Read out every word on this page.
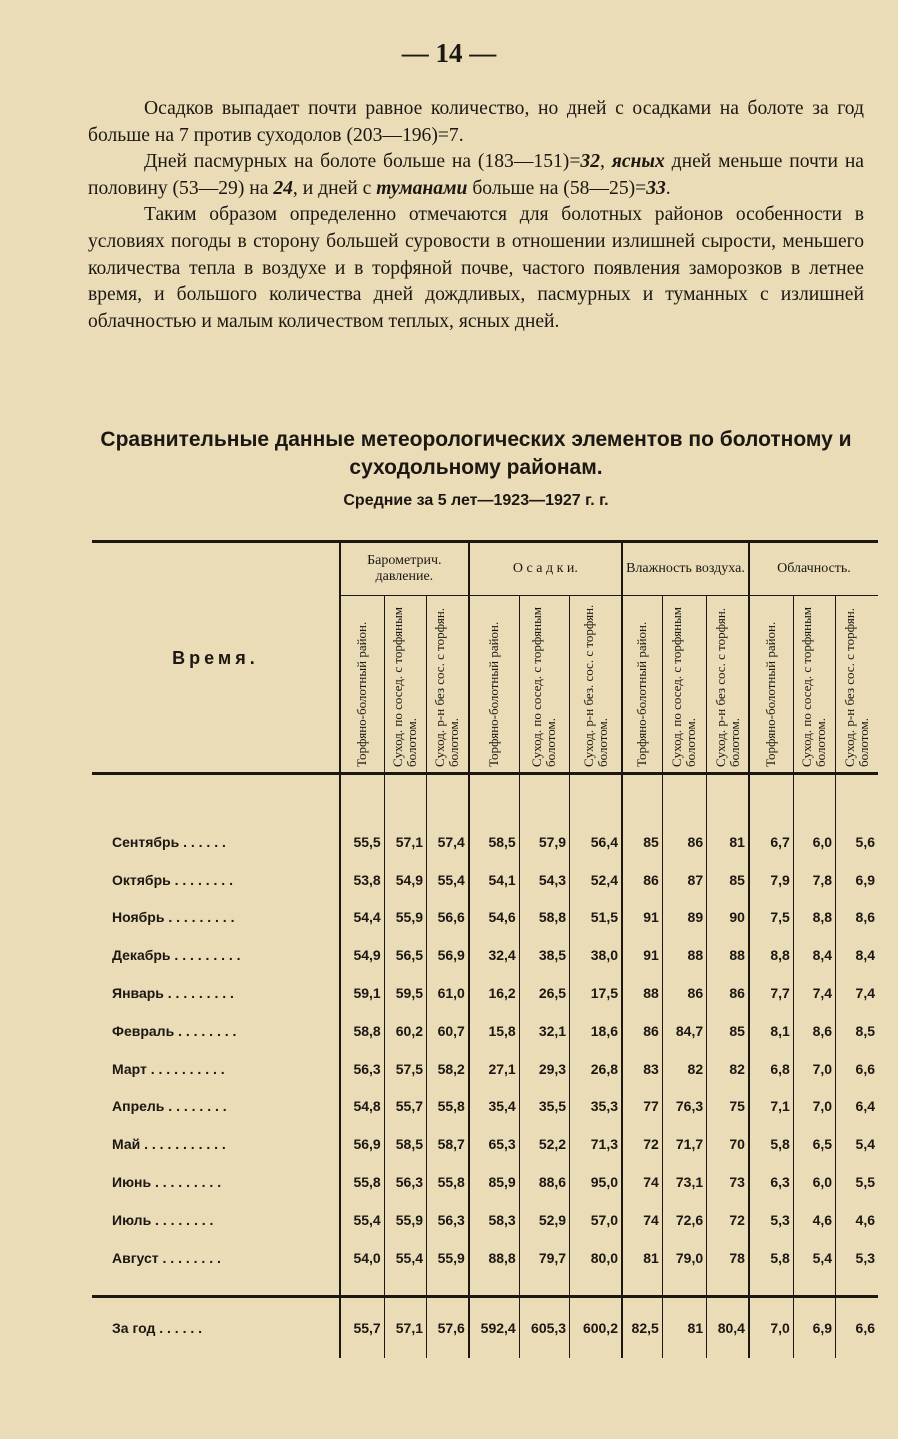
— 14 —

Осадков выпадает почти равное количество, но дней с осадками на болоте за год больше на 7 против суходолов (203—196)=7.

Дней пасмурных на болоте больше на (183—151)=32, ясных дней меньше почти на половину (53—29) на 24, и дней с туманами больше на (58—25)=33.

Таким образом определенно отмечаются для болотных районов особенности в условиях погоды в сторону большей суровости в отношении излишней сырости, меньшего количества тепла в воздухе и в торфяной почве, частого появления заморозков в летнее время, и большого количества дней дождливых, пасмурных и туманных с излишней облачностью и малым количеством теплых, ясных дней.

Сравнительные данные метеорологических элементов по болотному и суходольному районам.
Средние за 5 лет—1923—1927 г. г.
Время.	Барометрич. давление.			О с а д к и.			Влажность воздуха.			Облачность.		
	Торфяно-болотный район.	Сyход. по сосед. с торфяным болотом.	Сyход. р-н без сос. с торфян. болотом.	Торфяно-болотный район.	Сyход. по сосед. с торфяным болотом.	Сyход. р-н без. сос. с торфян. болотом.	Торфяно-болотный район.	Сyход. по сосед. с торфяным болотом.	Сyход. р-н без сос. с торфян. болотом.	Торфяно-болотный район.	Сyход. по сосед. с торфяным болотом.	Сyход. р-н без сос. с торфян. болотом.

Сентябрь . . . . . .	55,5	57,1	57,4	58,5	57,9	56,4	85	86	81	6,7	6,0	5,6
Октябрь . . . . . . . .	53,8	54,9	55,4	54,1	54,3	52,4	86	87	85	7,9	7,8	6,9
Ноябрь . . . . . . . . .	54,4	55,9	56,6	54,6	58,8	51,5	91	89	90	7,5	8,8	8,6
Декабрь . . . . . . . . .	54,9	56,5	56,9	32,4	38,5	38,0	91	88	88	8,8	8,4	8,4
Январь . . . . . . . . .	59,1	59,5	61,0	16,2	26,5	17,5	88	86	86	7,7	7,4	7,4
Февраль . . . . . . . .	58,8	60,2	60,7	15,8	32,1	18,6	86	84,7	85	8,1	8,6	8,5
Март . . . . . . . . . .	56,3	57,5	58,2	27,1	29,3	26,8	83	82	82	6,8	7,0	6,6
Апрель . . . . . . . .	54,8	55,7	55,8	35,4	35,5	35,3	77	76,3	75	7,1	7,0	6,4
Май . . . . . . . . . . .	56,9	58,5	58,7	65,3	52,2	71,3	72	71,7	70	5,8	6,5	5,4
Июнь . . . . . . . . .	55,8	56,3	55,8	85,9	88,6	95,0	74	73,1	73	6,3	6,0	5,5
Июль . . . . . . . .	55,4	55,9	56,3	58,3	52,9	57,0	74	72,6	72	5,3	4,6	4,6
Август . . . . . . . .	54,0	55,4	55,9	88,8	79,7	80,0	81	79,0	78	5,8	5,4	5,3

За год . . . . . .	55,7	57,1	57,6	592,4	605,3	600,2	82,5	81	80,4	7,0	6,9	6,6
